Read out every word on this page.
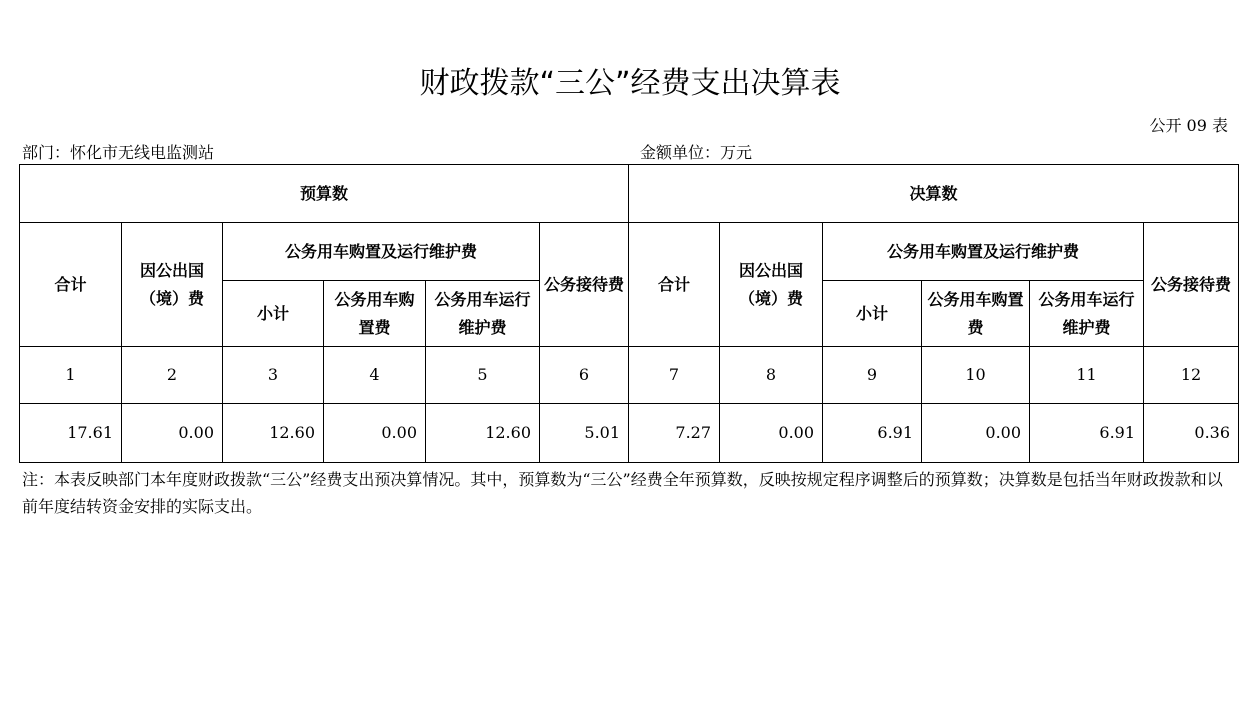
财政拨款“三公”经费支出决算表
公开 09 表
部门：怀化市无线电监测站	金额单位：万元
预算数						决算数					
合计	因公出国（境）费	公务用车购置及运行维护费			公务接待费	合计	因公出国（境）费	公务用车购置及运行维护费			公务接待费
		小计	公务用车购置费	公务用车运行维护费				小计	公务用车购置费	公务用车运行维护费	
1	2	3	4	5	6	7	8	9	10	11	12
17.61	0.00	12.60	0.00	12.60	5.01	7.27	0.00	6.91	0.00	6.91	0.36
注：本表反映部门本年度财政拨款“三公”经费支出预决算情况。其中，预算数为“三公”经费全年预算数，反映按规定程序调整后的预算数；决算数是包括当年财政拨款和以前年度结转资金安排的实际支出。
